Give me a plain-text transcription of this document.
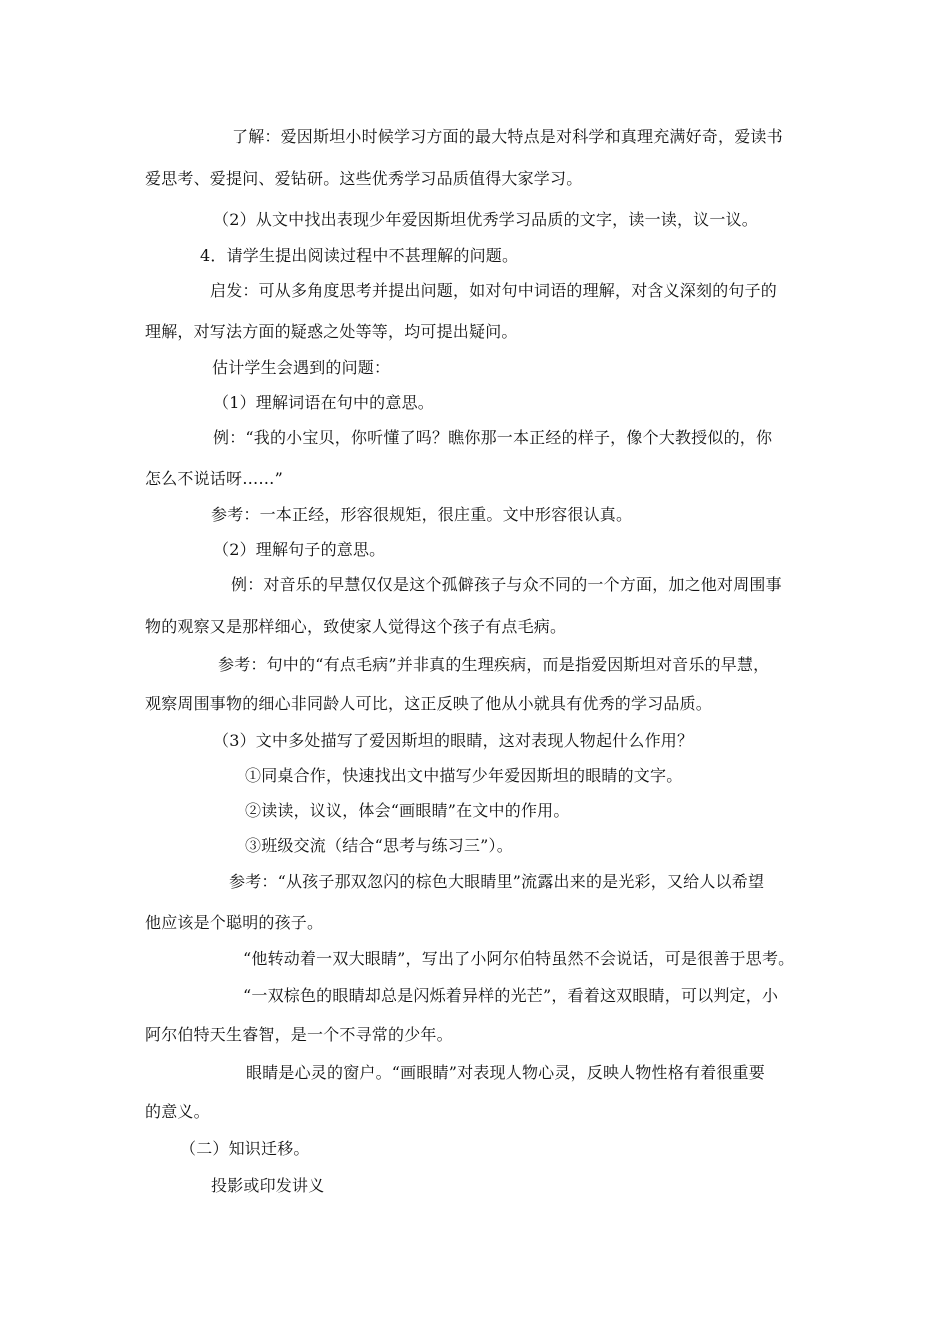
了解：爱因斯坦小时候学习方面的最大特点是对科学和真理充满好奇，爱读书
爱思考、爱提问、爱钻研。这些优秀学习品质值得大家学习。
（2）从文中找出表现少年爱因斯坦优秀学习品质的文字，读一读，议一议。
4．请学生提出阅读过程中不甚理解的问题。
启发：可从多角度思考并提出问题，如对句中词语的理解，对含义深刻的句子的
理解，对写法方面的疑惑之处等等，均可提出疑问。
估计学生会遇到的问题：
（1）理解词语在句中的意思。
例：“我的小宝贝，你听懂了吗？瞧你那一本正经的样子，像个大教授似的，你
怎么不说话呀……”
参考：一本正经，形容很规矩，很庄重。文中形容很认真。
（2）理解句子的意思。
例：对音乐的早慧仅仅是这个孤僻孩子与众不同的一个方面，加之他对周围事
物的观察又是那样细心，致使家人觉得这个孩子有点毛病。
参考：句中的“有点毛病”并非真的生理疾病，而是指爱因斯坦对音乐的早慧，
观察周围事物的细心非同龄人可比，这正反映了他从小就具有优秀的学习品质。
（3）文中多处描写了爱因斯坦的眼睛，这对表现人物起什么作用？
①同桌合作，快速找出文中描写少年爱因斯坦的眼睛的文字。
②读读，议议，体会“画眼睛”在文中的作用。
③班级交流（结合“思考与练习三”）。
参考：“从孩子那双忽闪的棕色大眼睛里”流露出来的是光彩，又给人以希望
他应该是个聪明的孩子。
“他转动着一双大眼睛”，写出了小阿尔伯特虽然不会说话，可是很善于思考。
“一双棕色的眼睛却总是闪烁着异样的光芒”，看着这双眼睛，可以判定，小
阿尔伯特天生睿智，是一个不寻常的少年。
眼睛是心灵的窗户。“画眼睛”对表现人物心灵，反映人物性格有着很重要
的意义。
（二）知识迁移。
投影或印发讲义
